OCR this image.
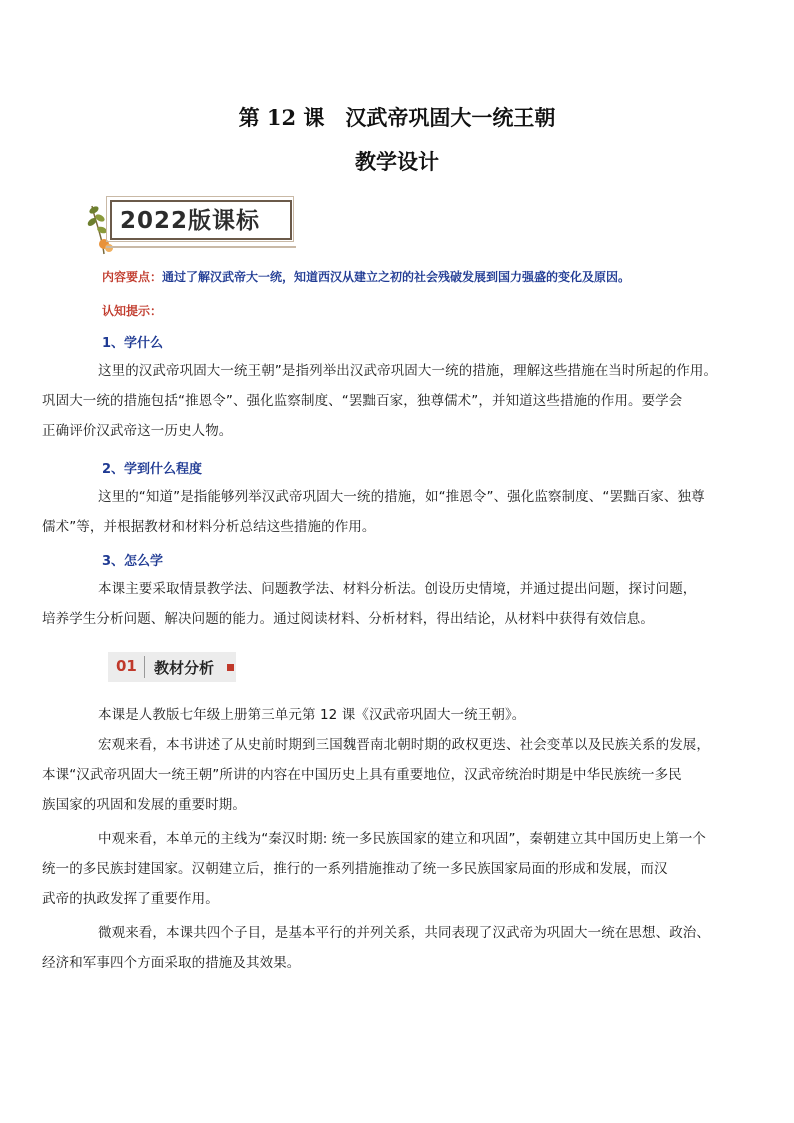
第 12 课　汉武帝巩固大一统王朝
教学设计
2022版课标
内容要点：通过了解汉武帝大一统，知道西汉从建立之初的社会残破发展到国力强盛的变化及原因。
认知提示：
1、学什么

这里的汉武帝巩固大一统王朝”是指列举出汉武帝巩固大一统的措施，理解这些措施在当时所起的作用。
巩固大一统的措施包括“推恩令”、强化监察制度、“罢黜百家，独尊儒术”，并知道这些措施的作用。要学会
正确评价汉武帝这一历史人物。

2、学到什么程度

这里的“知道”是指能够列举汉武帝巩固大一统的措施，如“推恩令”、强化监察制度、“罢黜百家、独尊
儒术”等，并根据教材和材料分析总结这些措施的作用。

3、怎么学

本课主要采取情景教学法、问题教学法、材料分析法。创设历史情境，并通过提出问题，探讨问题，
培养学生分析问题、解决问题的能力。通过阅读材料、分析材料，得出结论，从材料中获得有效信息。

01 教材分析

本课是人教版七年级上册第三单元第 12 课《汉武帝巩固大一统王朝》。

宏观来看，本书讲述了从史前时期到三国魏晋南北朝时期的政权更迭、社会变革以及民族关系的发展，
本课“汉武帝巩固大一统王朝”所讲的内容在中国历史上具有重要地位，汉武帝统治时期是中华民族统一多民
族国家的巩固和发展的重要时期。

中观来看，本单元的主线为“秦汉时期: 统一多民族国家的建立和巩固”，秦朝建立其中国历史上第一个
统一的多民族封建国家。汉朝建立后，推行的一系列措施推动了统一多民族国家局面的形成和发展，而汉
武帝的执政发挥了重要作用。

微观来看，本课共四个子目，是基本平行的并列关系，共同表现了汉武帝为巩固大一统在思想、政治、
经济和军事四个方面采取的措施及其效果。
